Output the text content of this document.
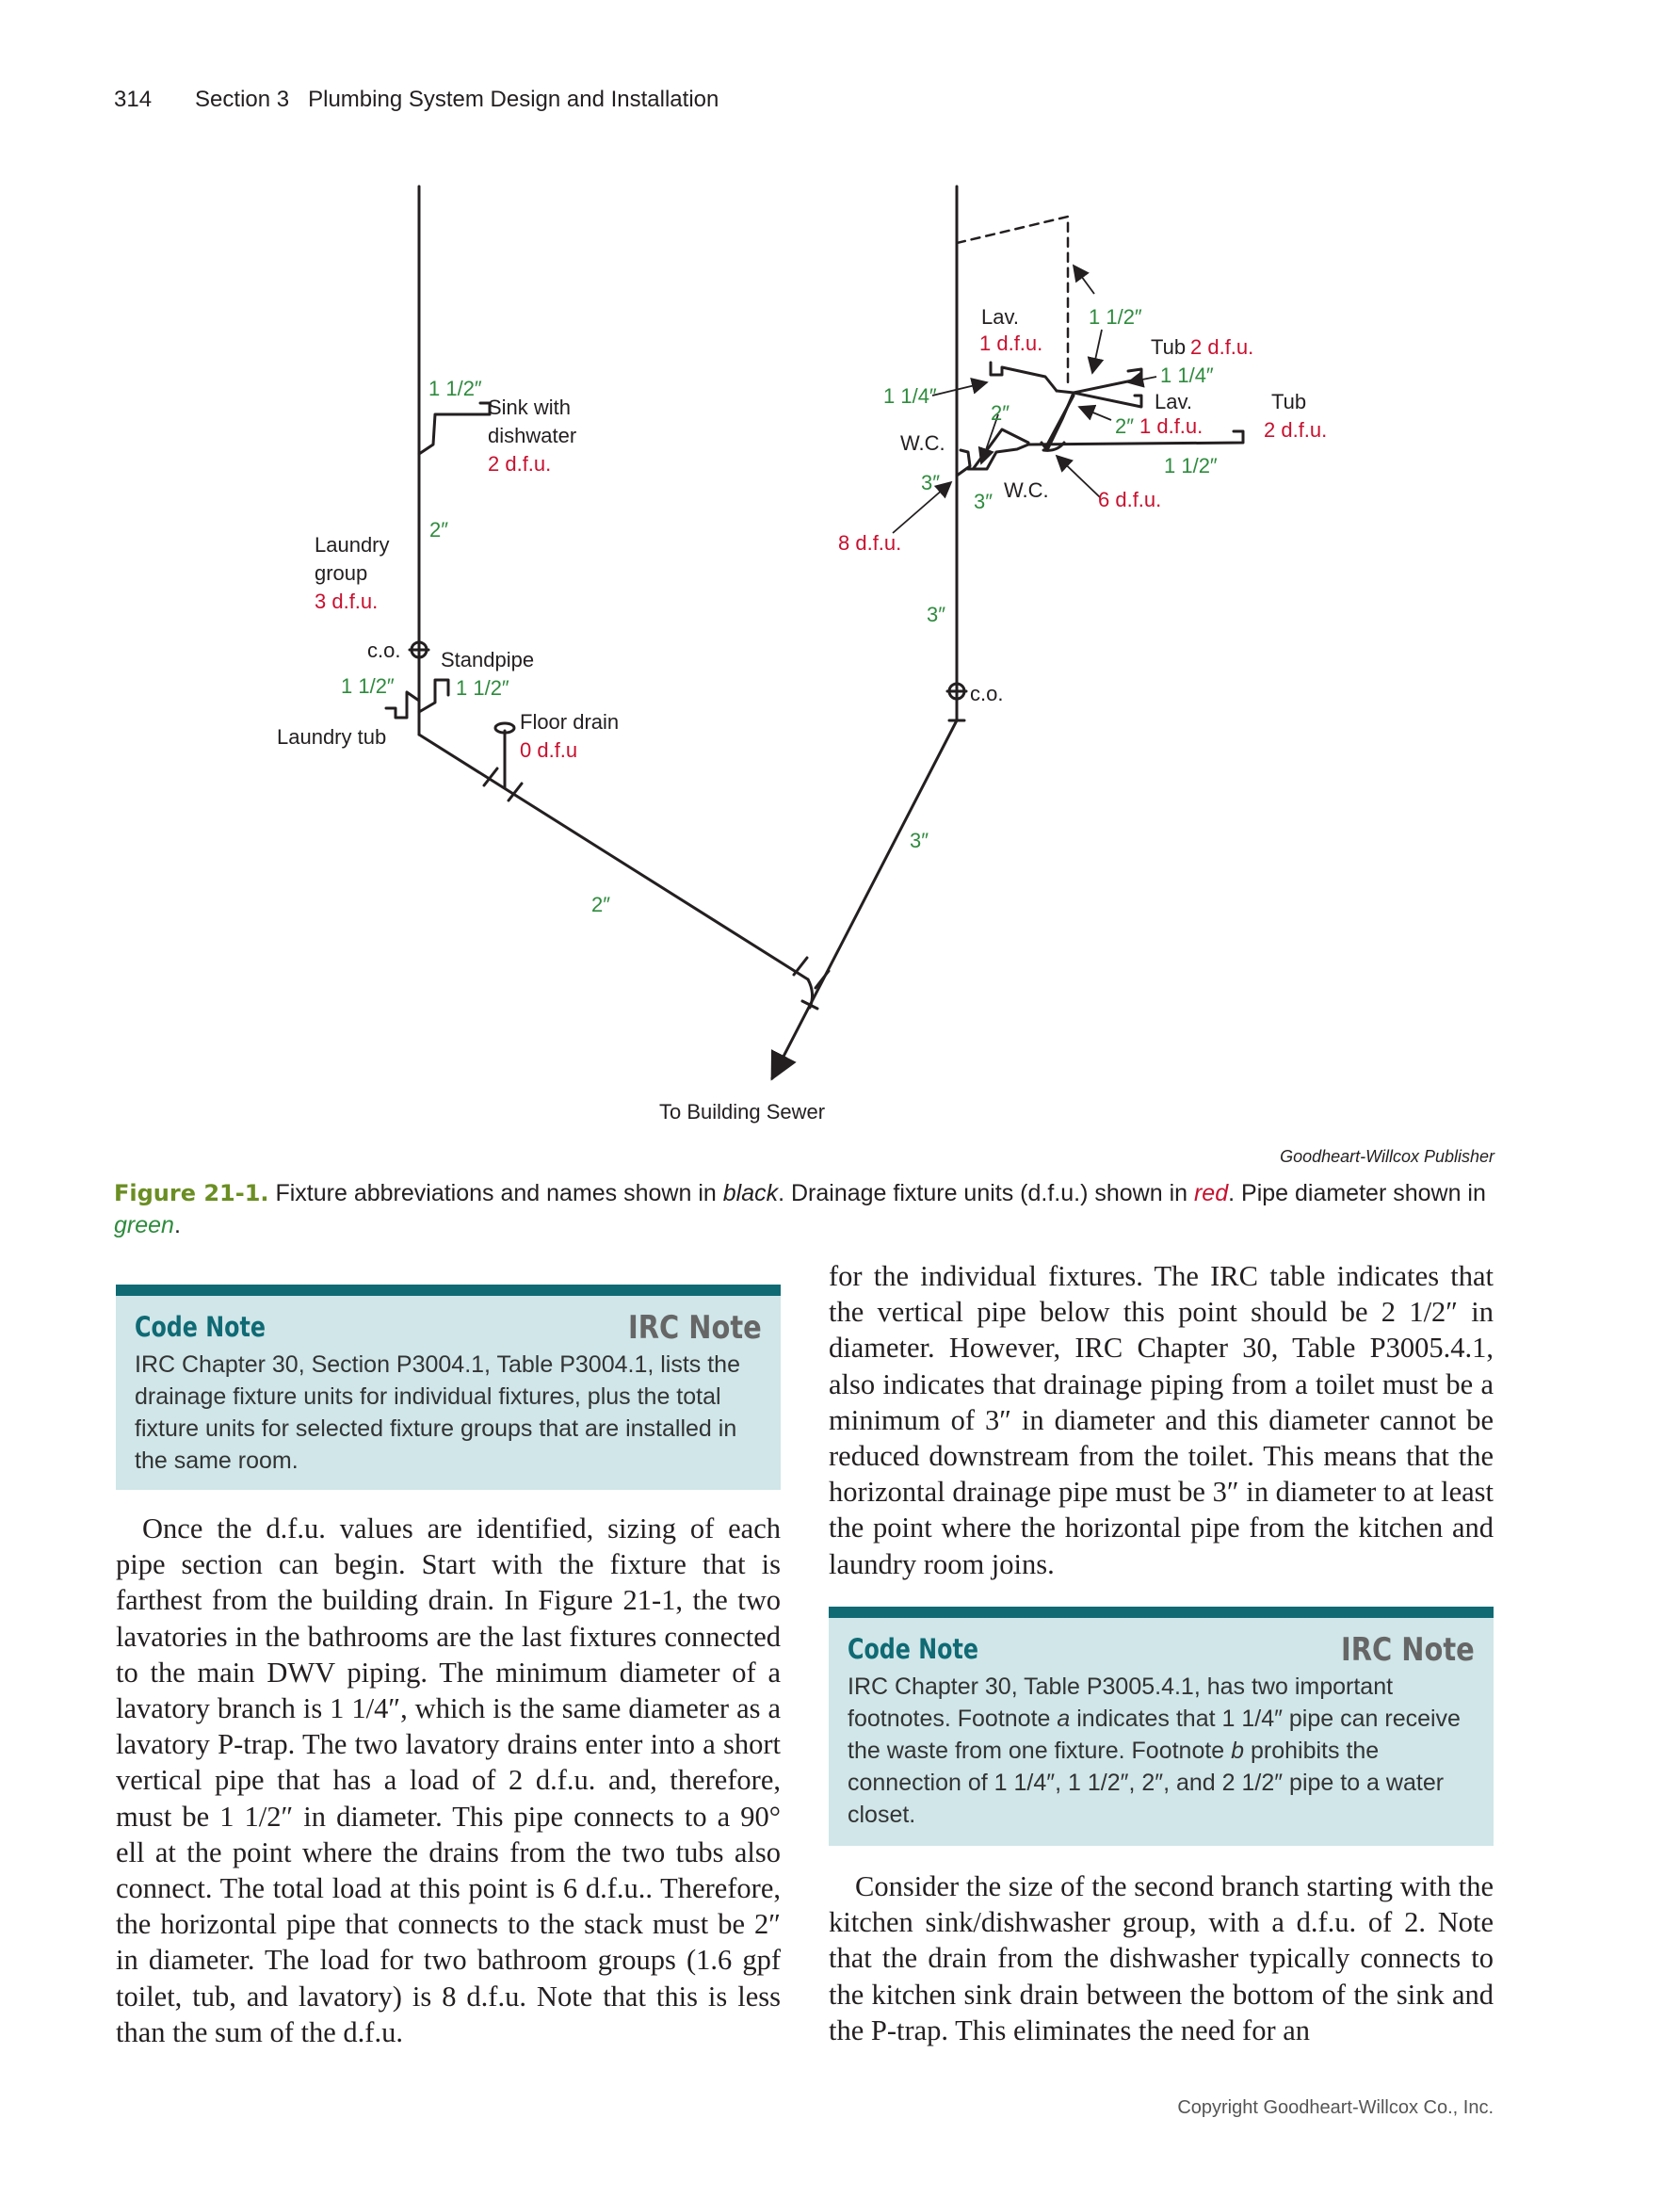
314 Section 3   Plumbing System Design and Installation
1 1/2″
Sink with
dishwater
2 d.f.u.
2″
Laundry
group
3 d.f.u.
c.o. Standpipe
1 1/2″
1 1/2″
Laundry tub
Floor drain
0 d.f.u
2″
To Building Sewer
Lav.
1 d.f.u.
1 1/2″
Tub 2 d.f.u.
1 1/4″
1 1/4″
W.C.
2″	Lav.
2″ 1 d.f.u.
Tub
2 d.f.u.
1 1/2″
3″
3″ W.C. 6 d.f.u.
8 d.f.u.
3″
c.o.
3″
Goodheart-Willcox Publisher
Figure 21-1. Fixture abbreviations and names shown in black. Drainage fixture units (d.f.u.) shown in red. Pipe diameter shown in green.
Code Note	IRC Note
IRC Chapter 30, Section P3004.1, Table P3004.1, lists the drainage fixture units for individual fixtures, plus the total fixture units for selected fixture groups that are installed in the same room.

Once the d.f.u. values are identified, sizing of each pipe section can begin. Start with the fixture that is farthest from the building drain. In Figure 21-1, the two lavatories in the bathrooms are the last fixtures connected to the main DWV piping. The minimum diameter of a lavatory branch is 1 1/4″, which is the same diameter as a lavatory P-trap. The two lavatory drains enter into a short vertical pipe that has a load of 2 d.f.u. and, therefore, must be 1 1/2″ in diameter. This pipe connects to a 90° ell at the point where the drains from the two tubs also connect. The total load at this point is 6 d.f.u.. Therefore, the horizontal pipe that connects to the stack must be 2″ in diameter. The load for two bathroom groups (1.6 gpf toilet, tub, and lavatory) is 8 d.f.u. Note that this is less than the sum of the d.f.u.

for the individual fixtures. The IRC table indicates that the vertical pipe below this point should be 2 1/2″ in diameter. However, IRC Chapter 30, Table P3005.4.1, also indicates that drainage piping from a toilet must be a minimum of 3″ in diameter and this diameter cannot be reduced downstream from the toilet. This means that the horizontal drainage pipe must be 3″ in diameter to at least the point where the horizontal pipe from the kitchen and laundry room joins.

Code Note	IRC Note
IRC Chapter 30, Table P3005.4.1, has two important footnotes. Footnote a indicates that 1 1/4″ pipe can receive the waste from one fixture. Footnote b prohibits the connection of 1 1/4″, 1 1/2″, 2″, and 2 1/2″ pipe to a water closet.

Consider the size of the second branch starting with the kitchen sink/dishwasher group, with a d.f.u. of 2. Note that the drain from the dishwasher typically connects to the kitchen sink drain between the bottom of the sink and the P-trap. This eliminates the need for an

Copyright Goodheart-Willcox Co., Inc.
